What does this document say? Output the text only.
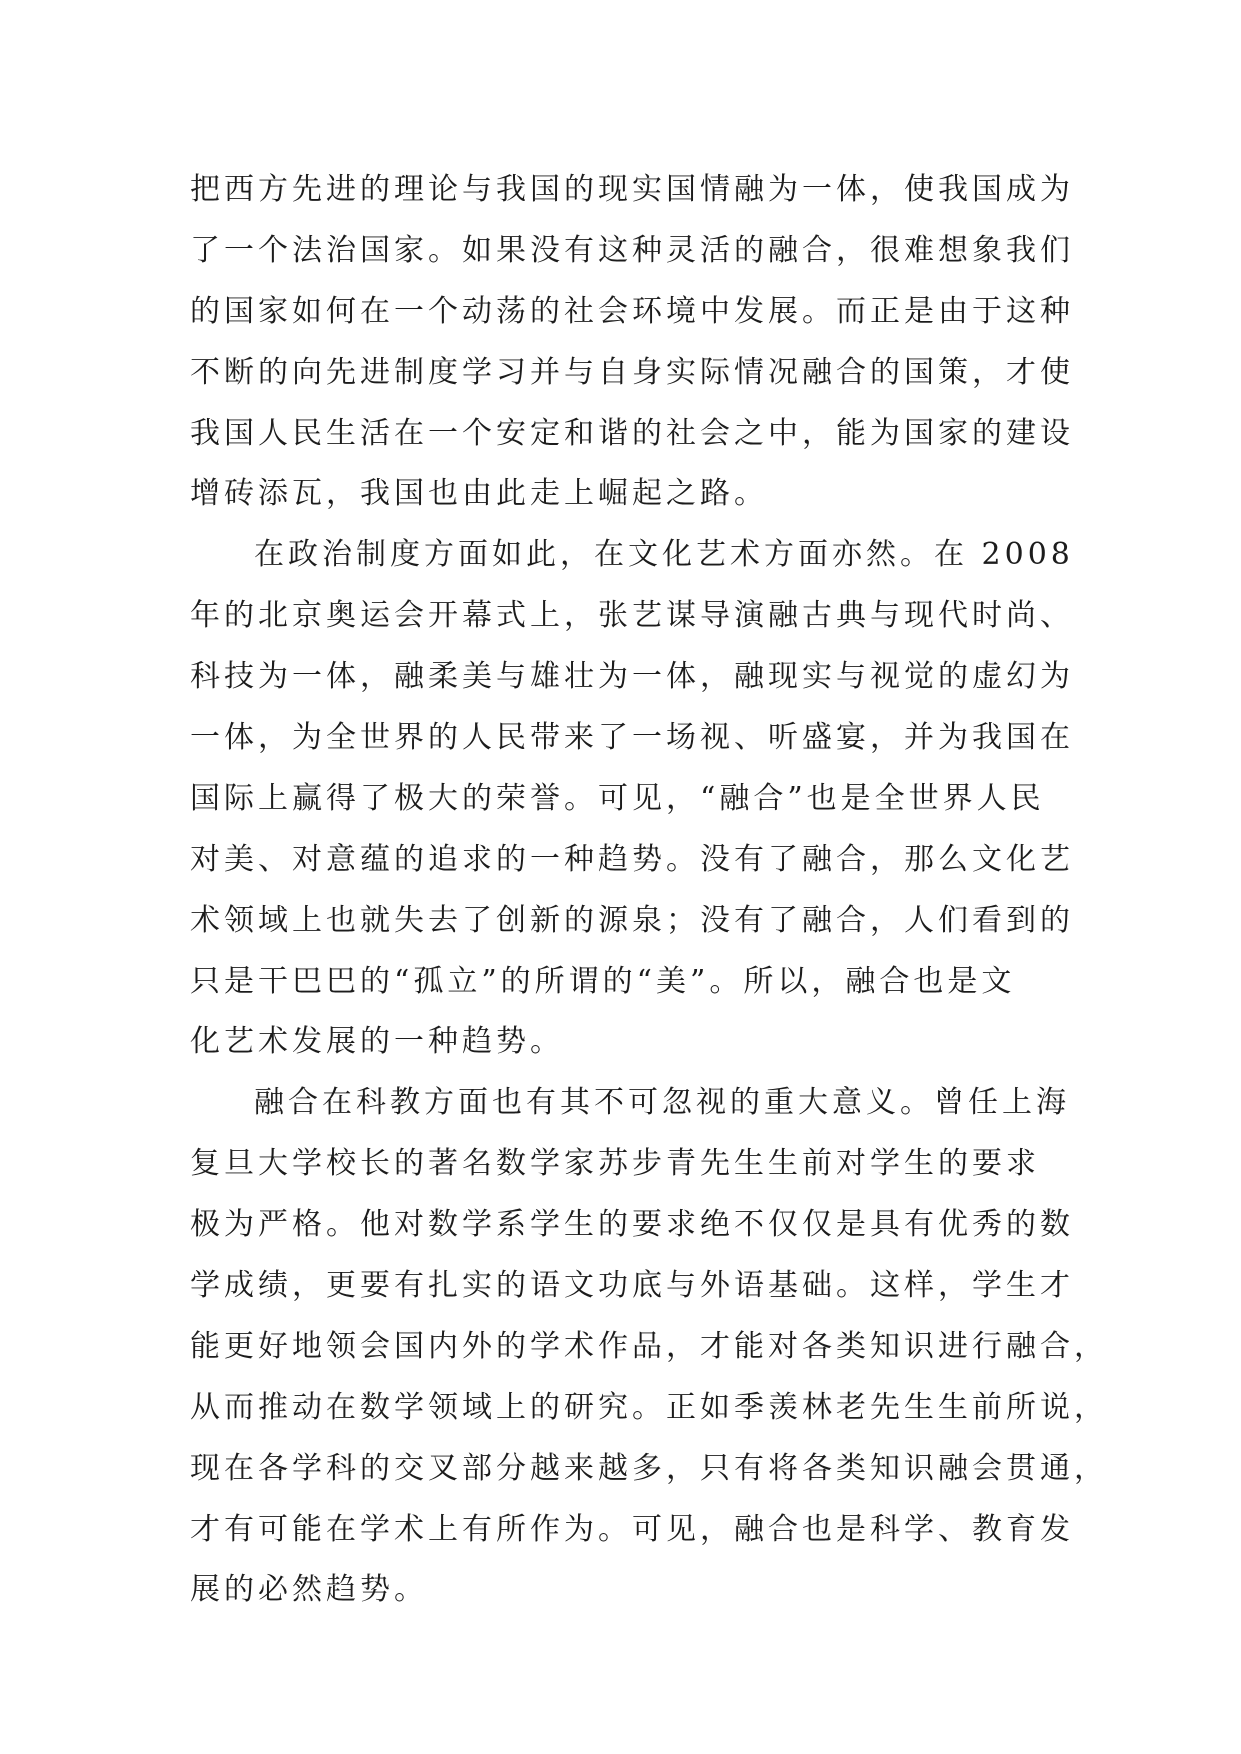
把西方先进的理论与我国的现实国情融为一体，使我国成为
了一个法治国家。如果没有这种灵活的融合，很难想象我们
的国家如何在一个动荡的社会环境中发展。而正是由于这种
不断的向先进制度学习并与自身实际情况融合的国策，才使
我国人民生活在一个安定和谐的社会之中，能为国家的建设
增砖添瓦，我国也由此走上崛起之路。
在政治制度方面如此，在文化艺术方面亦然。在 2008
年的北京奥运会开幕式上，张艺谋导演融古典与现代时尚、
科技为一体，融柔美与雄壮为一体，融现实与视觉的虚幻为
一体，为全世界的人民带来了一场视、听盛宴，并为我国在
国际上赢得了极大的荣誉。可见，“融合”也是全世界人民
对美、对意蕴的追求的一种趋势。没有了融合，那么文化艺
术领域上也就失去了创新的源泉；没有了融合，人们看到的
只是干巴巴的“孤立”的所谓的“美”。所以，融合也是文
化艺术发展的一种趋势。
融合在科教方面也有其不可忽视的重大意义。曾任上海
复旦大学校长的著名数学家苏步青先生生前对学生的要求
极为严格。他对数学系学生的要求绝不仅仅是具有优秀的数
学成绩，更要有扎实的语文功底与外语基础。这样，学生才
能更好地领会国内外的学术作品，才能对各类知识进行融合，
从而推动在数学领域上的研究。正如季羡林老先生生前所说，
现在各学科的交叉部分越来越多，只有将各类知识融会贯通，
才有可能在学术上有所作为。可见，融合也是科学、教育发
展的必然趋势。
